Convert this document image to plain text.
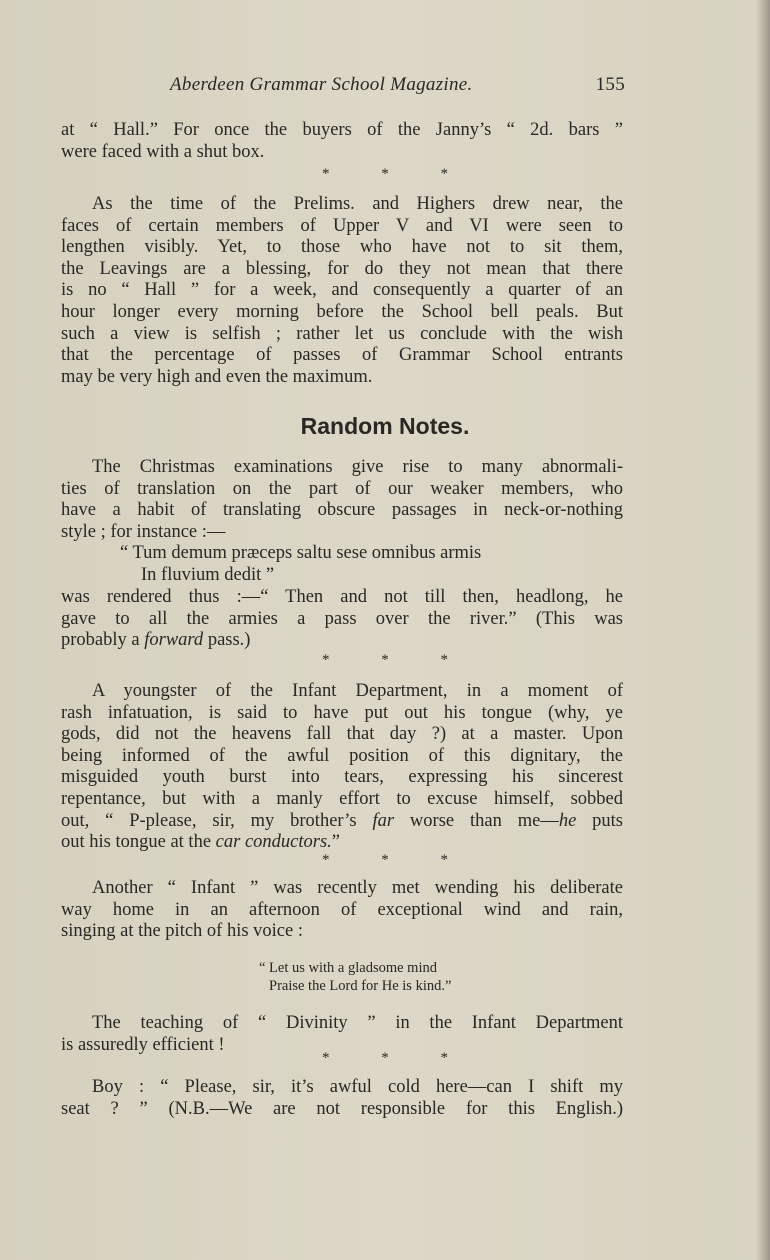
Aberdeen Grammar School Magazine.	155

at “ Hall.” For once the buyers of the Janny’s “ 2d. bars ”

were faced with a shut box.

* * *

As the time of the Prelims. and Highers drew near, the

faces of certain members of Upper V and VI were seen to

lengthen visibly. Yet, to those who have not to sit them,

the Leavings are a blessing, for do they not mean that there

is no “ Hall ” for a week, and consequently a quarter of an

hour longer every morning before the School bell peals. But

such a view is selfish ; rather let us conclude with the wish

that the percentage of passes of Grammar School entrants

may be very high and even the maximum.

Random Notes.

The Christmas examinations give rise to many abnormali-

ties of translation on the part of our weaker members, who

have a habit of translating obscure passages in neck-or-nothing

style ; for instance :—

“ Tum demum præceps saltu sese omnibus armis
In fluvium dedit ”

was rendered thus :—“ Then and not till then, headlong, he

gave to all the armies a pass over the river.” (This was

probably a forward pass.)

* * *

A youngster of the Infant Department, in a moment of

rash infatuation, is said to have put out his tongue (why, ye

gods, did not the heavens fall that day ?) at a master. Upon

being informed of the awful position of this dignitary, the

misguided youth burst into tears, expressing his sincerest

repentance, but with a manly effort to excuse himself, sobbed

out, “ P-please, sir, my brother’s far worse than me—he puts

out his tongue at the car conductors.”

* * *

Another “ Infant ” was recently met wending his deliberate

way home in an afternoon of exceptional wind and rain,

singing at the pitch of his voice :

“ Let us with a gladsome mind
Praise the Lord for He is kind.”

The teaching of “ Divinity ” in the Infant Department

is assuredly efficient !

* * *

Boy : “ Please, sir, it’s awful cold here—can I shift my

seat ? ” (N.B.—We are not responsible for this English.)
